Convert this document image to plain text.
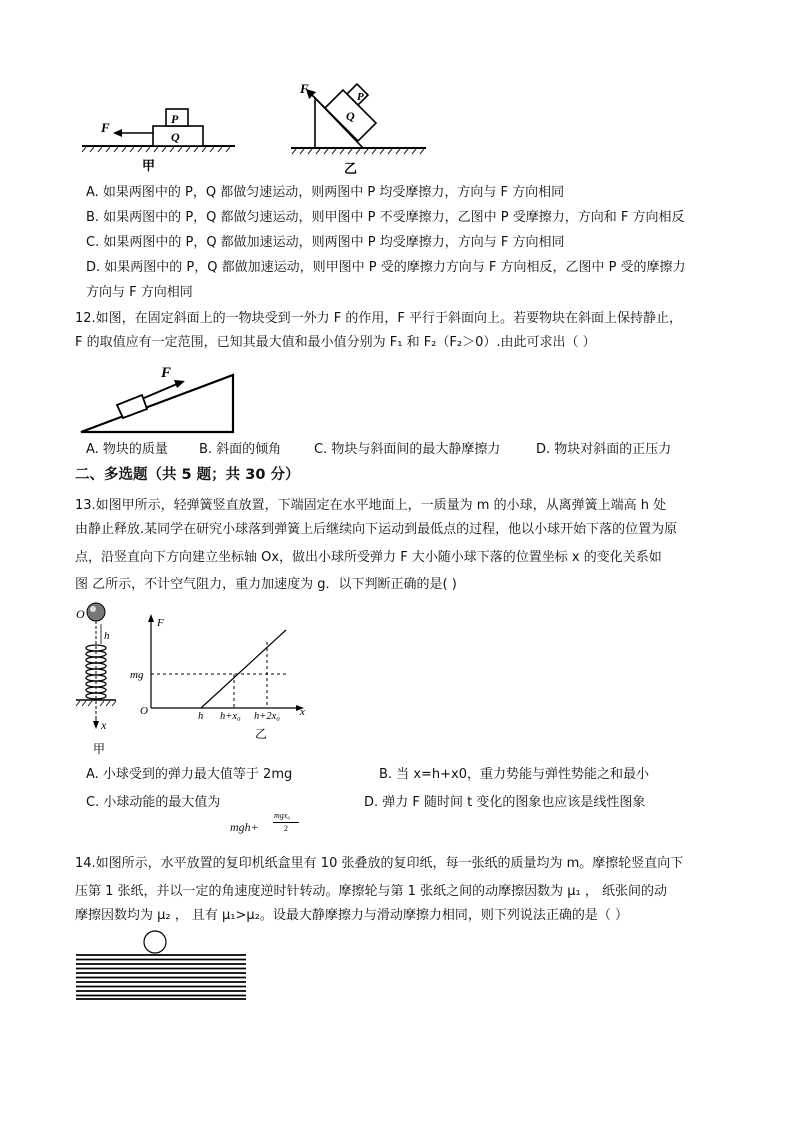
F
P
Q
甲
F
P
Q
乙
A. 如果两图中的 P，Q 都做匀速运动，则两图中 P 均受摩擦力，方向与 F 方向相同
B. 如果两图中的 P，Q 都做匀速运动，则甲图中 P 不受摩擦力，乙图中 P 受摩擦力，方向和 F 方向相反
C. 如果两图中的 P，Q 都做加速运动，则两图中 P 均受摩擦力，方向与 F 方向相同
D. 如果两图中的 P，Q 都做加速运动，则甲图中 P 受的摩擦力方向与 F 方向相反，乙图中 P 受的摩擦力
方向与 F 方向相同
12.如图，在固定斜面上的一物块受到一外力 F 的作用，F 平行于斜面向上。若要物块在斜面上保持静止，
F 的取值应有一定范围，已知其最大值和最小值分别为 F₁ 和 F₂（F₂＞0）.由此可求出（ ）
F
A. 物块的质量 B. 斜面的倾角	C. 物块与斜面间的最大静摩擦力	D. 物块对斜面的正压力
二、多选题（共 5 题；共 30 分）
13.如图甲所示，轻弹簧竖直放置，下端固定在水平地面上，一质量为 m 的小球，从离弹簧上端高 h 处
由静止释放.某同学在研究小球落到弹簧上后继续向下运动到最低点的过程，他以小球开始下落的位置为原
点，沿竖直向下方向建立坐标轴 Ox，做出小球所受弹力 F 大小随小球下落的位置坐标 x 的变化关系如
图 乙所示，不计空气阻力，重力加速度为 g．以下判断正确的是( )
O
x
h
甲
F
mg
O	h h+x₀ h+2x₀ x
乙
A. 小球受到的弹力最大值等于 2mg	B. 当 x=h+x0，重力势能与弹性势能之和最小
C. 小球动能的最大值为	D. 弹力 F 随时间 t 变化的图象也应该是线性图象
mgh+
mgx₀
2
14.如图所示，水平放置的复印机纸盒里有 10 张叠放的复印纸，每一张纸的质量均为 m。摩擦轮竖直向下
压第 1 张纸，并以一定的角速度逆时针转动。摩擦轮与第 1 张纸之间的动摩擦因数为 μ₁ ， 纸张间的动
摩擦因数均为 μ₂ ， 且有 μ₁>μ₂。设最大静摩擦力与滑动摩擦力相同，则下列说法正确的是（ ）
